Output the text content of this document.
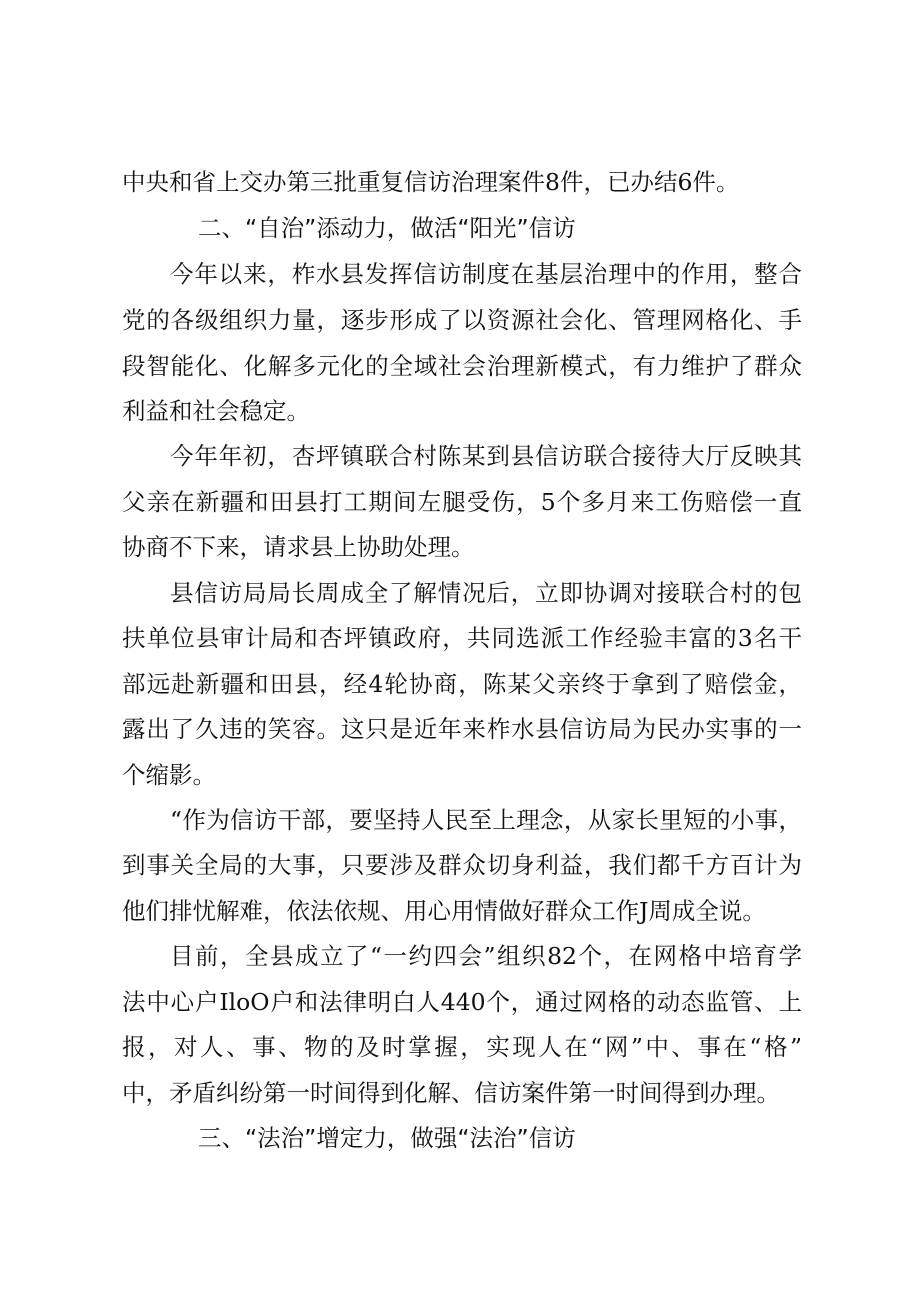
中央和省上交办第三批重复信访治理案件8件，已办结6件。
二、“自治”添动力，做活“阳光”信访
今年以来，柞水县发挥信访制度在基层治理中的作用，整合
党的各级组织力量，逐步形成了以资源社会化、管理网格化、手
段智能化、化解多元化的全域社会治理新模式，有力维护了群众
利益和社会稳定。
今年年初，杏坪镇联合村陈某到县信访联合接待大厅反映其
父亲在新疆和田县打工期间左腿受伤，5个多月来工伤赔偿一直
协商不下来，请求县上协助处理。
县信访局局长周成全了解情况后，立即协调对接联合村的包
扶单位县审计局和杏坪镇政府，共同选派工作经验丰富的3名干
部远赴新疆和田县，经4轮协商，陈某父亲终于拿到了赔偿金，
露出了久违的笑容。这只是近年来柞水县信访局为民办实事的一
个缩影。
“作为信访干部，要坚持人民至上理念，从家长里短的小事，
到事关全局的大事，只要涉及群众切身利益，我们都千方百计为
他们排忧解难，依法依规、用心用情做好群众工作J周成全说。
目前，全县成立了“一约四会”组织82个，在网格中培育学
法中心户IloO户和法律明白人440个，通过网格的动态监管、上
报，对人、事、物的及时掌握，实现人在“网”中、事在“格”
中，矛盾纠纷第一时间得到化解、信访案件第一时间得到办理。
三、“法治”增定力，做强“法治”信访
